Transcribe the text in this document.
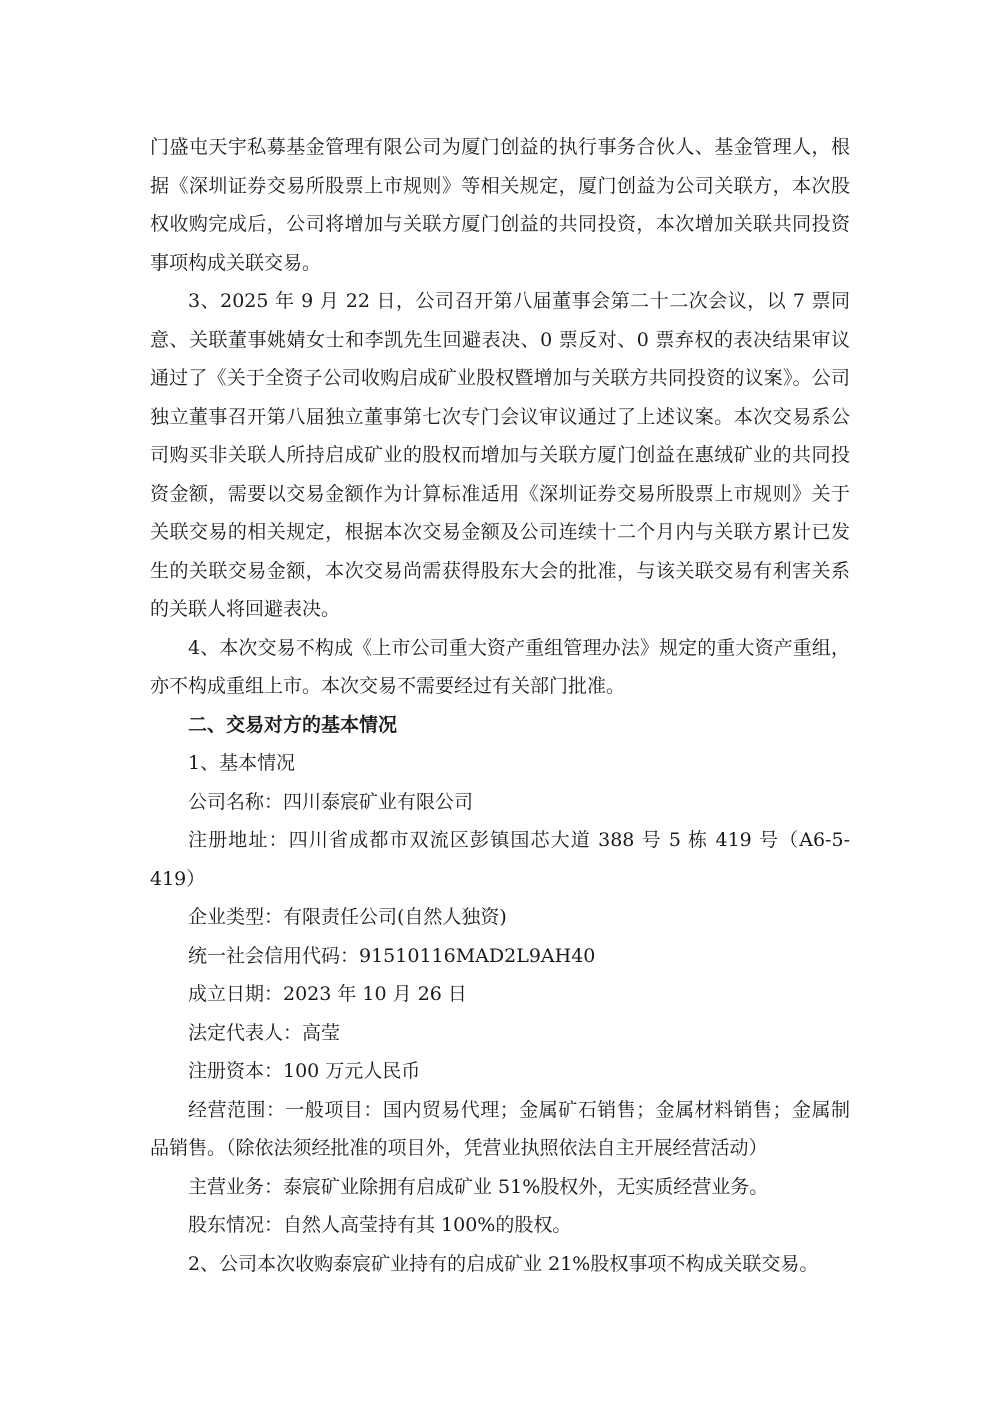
门盛屯天宇私募基金管理有限公司为厦门创益的执行事务合伙人、基金管理人，根据《深圳证券交易所股票上市规则》等相关规定，厦门创益为公司关联方，本次股权收购完成后，公司将增加与关联方厦门创益的共同投资，本次增加关联共同投资事项构成关联交易。

3、2025 年 9 月 22 日，公司召开第八届董事会第二十二次会议，以 7 票同意、关联董事姚婧女士和李凯先生回避表决、0 票反对、0 票弃权的表决结果审议通过了《关于全资子公司收购启成矿业股权暨增加与关联方共同投资的议案》。公司独立董事召开第八届独立董事第七次专门会议审议通过了上述议案。本次交易系公司购买非关联人所持启成矿业的股权而增加与关联方厦门创益在惠绒矿业的共同投资金额，需要以交易金额作为计算标准适用《深圳证券交易所股票上市规则》关于关联交易的相关规定，根据本次交易金额及公司连续十二个月内与关联方累计已发生的关联交易金额，本次交易尚需获得股东大会的批准，与该关联交易有利害关系的关联人将回避表决。

4、本次交易不构成《上市公司重大资产重组管理办法》规定的重大资产重组，亦不构成重组上市。本次交易不需要经过有关部门批准。

二、交易对方的基本情况

1、基本情况

公司名称：四川泰宸矿业有限公司

注册地址：四川省成都市双流区彭镇国芯大道 388 号 5 栋 419 号（A6-5-419）

企业类型：有限责任公司(自然人独资)

统一社会信用代码：91510116MAD2L9AH40

成立日期：2023 年 10 月 26 日

法定代表人：高莹

注册资本：100 万元人民币

经营范围：一般项目：国内贸易代理；金属矿石销售；金属材料销售；金属制品销售。（除依法须经批准的项目外，凭营业执照依法自主开展经营活动）

主营业务：泰宸矿业除拥有启成矿业 51%股权外，无实质经营业务。

股东情况：自然人高莹持有其 100%的股权。

2、公司本次收购泰宸矿业持有的启成矿业 21%股权事项不构成关联交易。
